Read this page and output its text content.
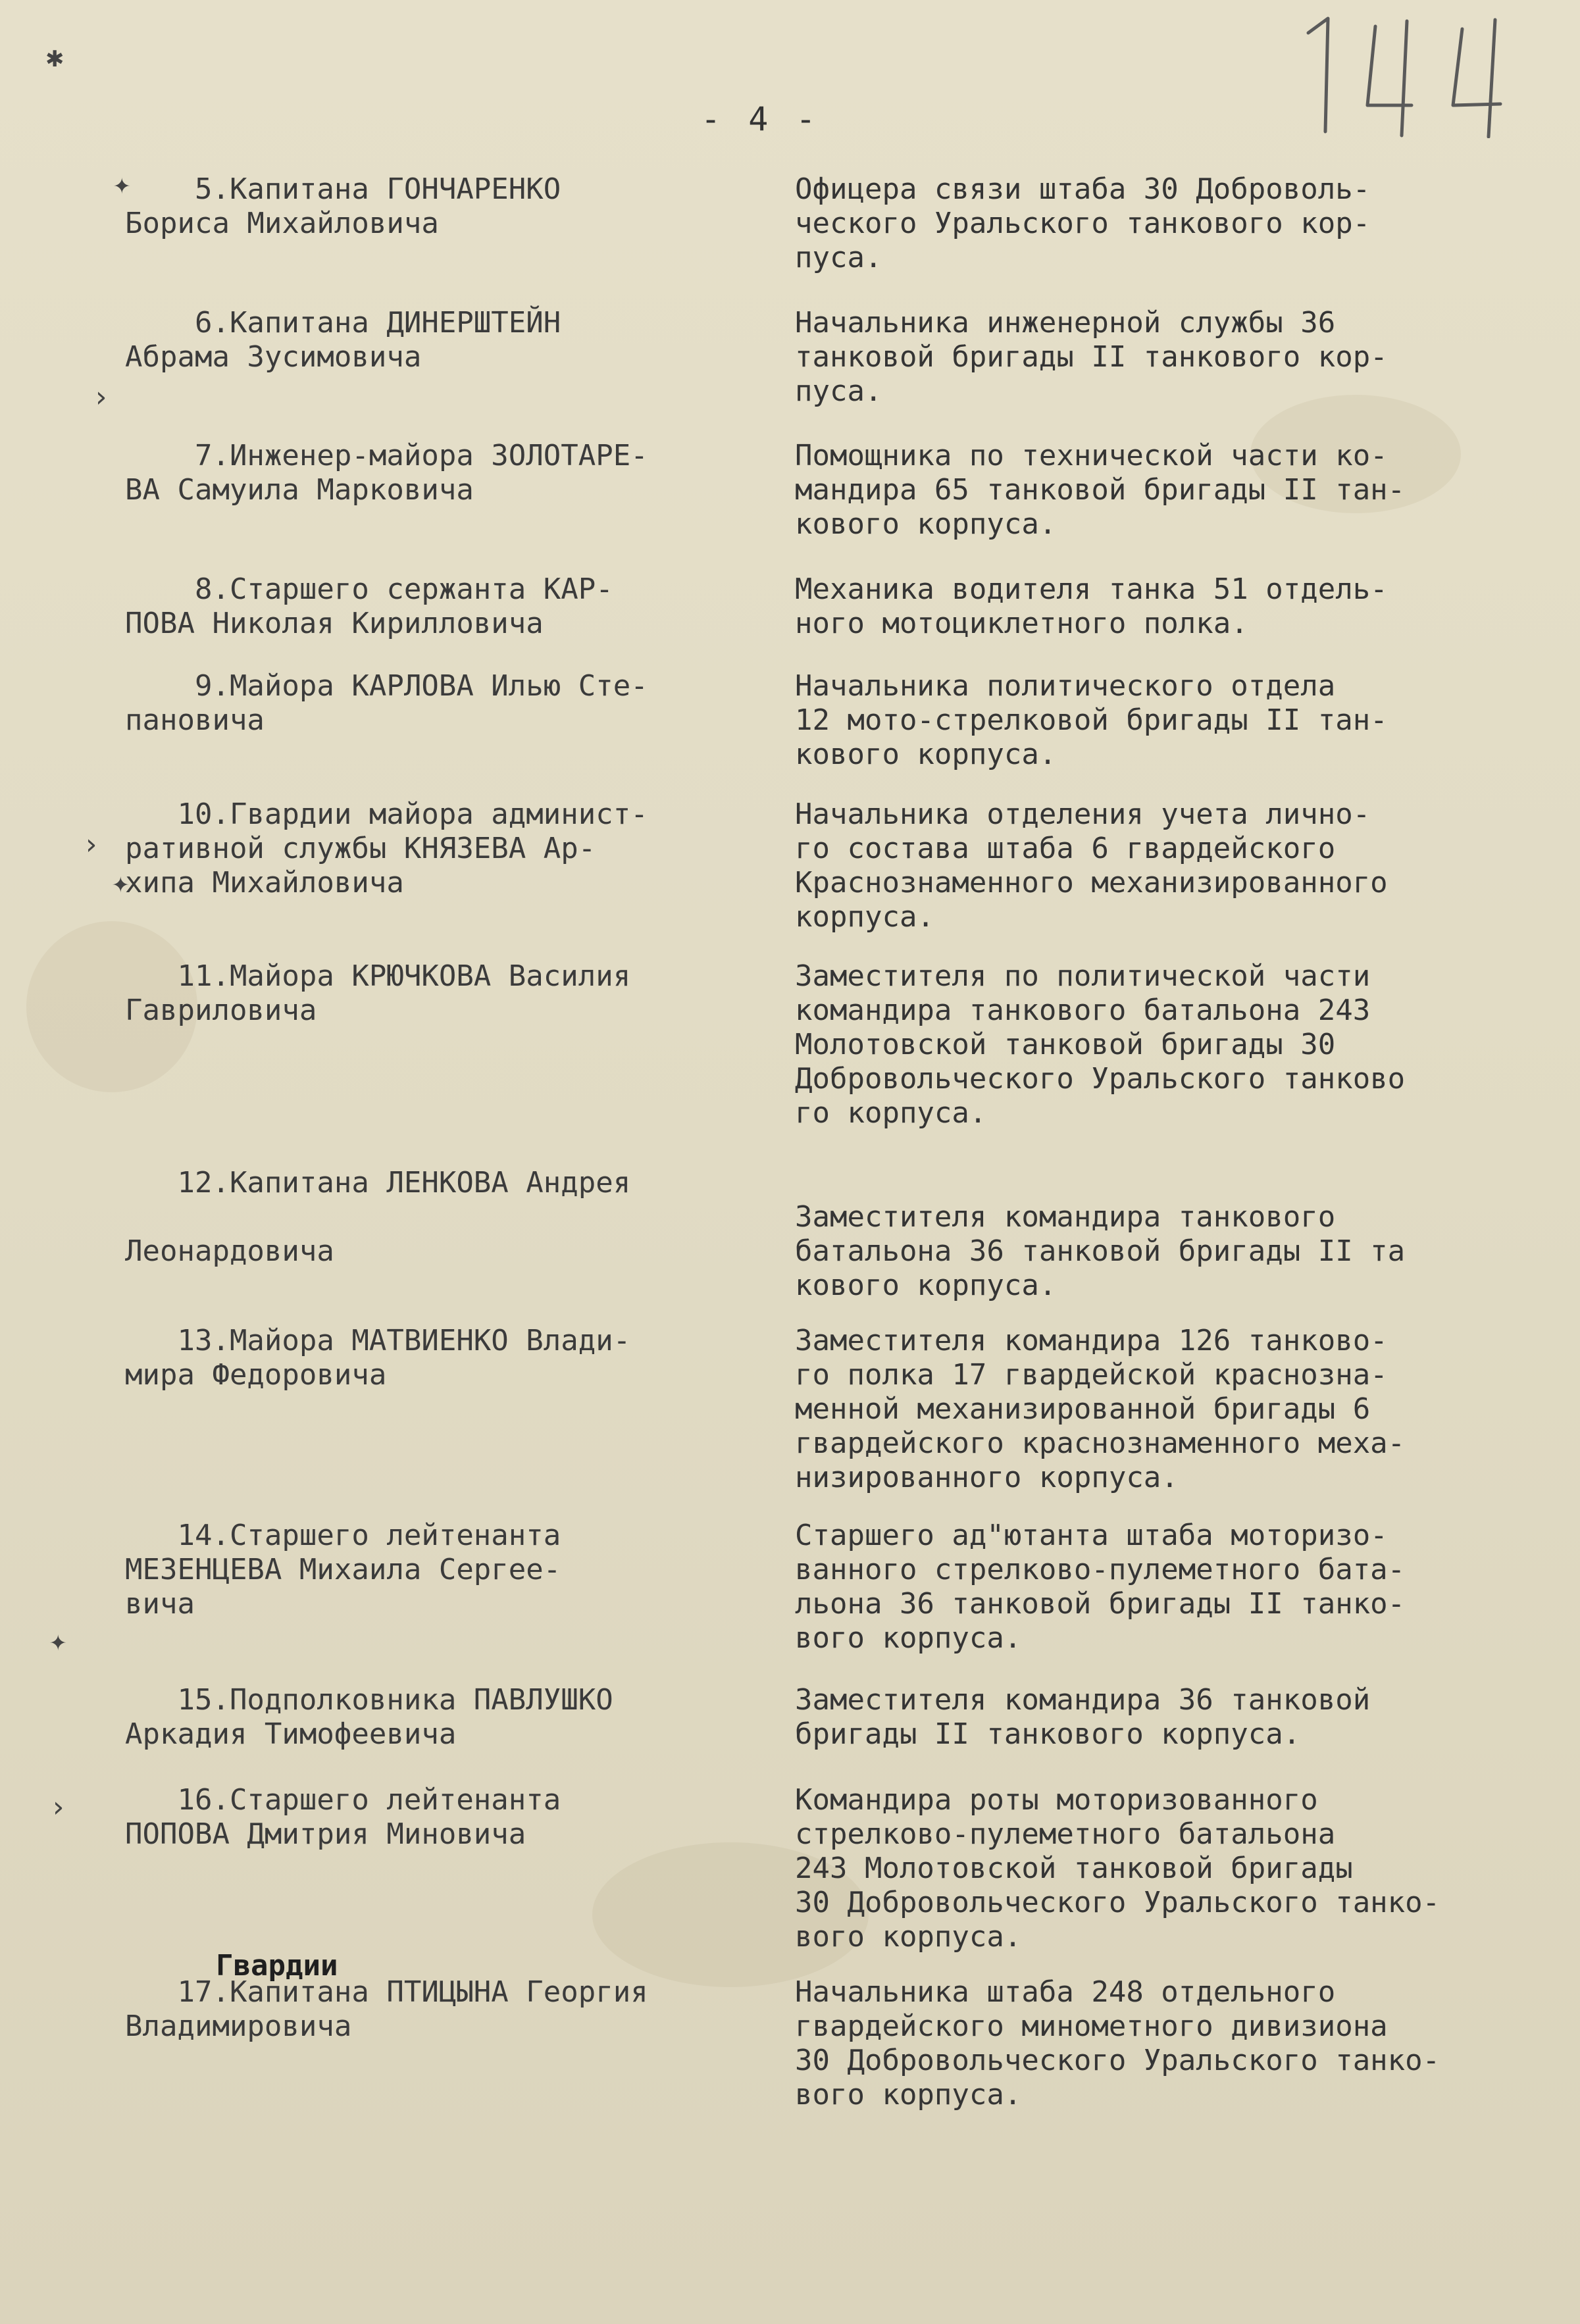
- 4 -
✱
✦
›
›
✦
✦
›
5.Капитана ГОНЧАРЕНКО
Бориса Михайловича
Офицера связи штаба 30 Доброволь-
ческого Уральского танкового кор-
пуса.
6.Капитана ДИНЕРШТЕЙН
Абрама Зусимовича
Начальника инженерной службы 36
танковой бригады II танкового кор-
пуса.
7.Инженер-майора ЗОЛОТАРЕ-
ВА Самуила Марковича
Помощника по технической части ко-
мандира 65 танковой бригады II тан-
кового корпуса.
8.Старшего сержанта КАР-
ПОВА Николая Кирилловича
Механика водителя танка 51 отдель-
ного мотоциклетного полка.
9.Майора КАРЛОВА Илью Сте-
пановича
Начальника политического отдела
12 мото-стрелковой бригады II тан-
кового корпуса.
10.Гвардии майора админист-
ративной службы КНЯЗЕВА Ар-
хипа Михайловича
Начальника отделения учета лично-
го состава штаба 6 гвардейского
Краснознаменного механизированного
корпуса.
11.Майора КРЮЧКОВА Василия
Гавриловича
Заместителя по политической части
командира танкового батальона 243
Молотовской танковой бригады 30
Добровольческого Уральского танково
го корпуса.
12.Капитана ЛЕНКОВА Андрея

Леонардовича

Заместителя командира танкового
батальона 36 танковой бригады II та
кового корпуса.
13.Майора МАТВИЕНКО Влади-
мира Федоровича
Заместителя командира 126 танково-
го полка 17 гвардейской краснозна-
менной механизированной бригады 6
гвардейского краснознаменного меха-
низированного корпуса.
14.Старшего лейтенанта
МЕЗЕНЦЕВА Михаила Сергеe-
вича
Старшего ад"ютанта штаба моторизо-
ванного стрелково-пулеметного бата-
льона 36 танковой бригады II танко-
вого корпуса.
15.Подполковника ПАВЛУШКО
Аркадия Тимофеевича
Заместителя командира 36 танковой
бригады II танкового корпуса.
16.Старшего лейтенанта
ПОПОВА Дмитрия Миновича
Командира роты моторизованного
стрелково-пулеметного батальона
243 Молотовской танковой бригады
30 Добровольческого Уральского танко-
вого корпуса.
17.Капитана ПТИЦЫНА Георгия
Владимировича
Начальника штаба 248 отдельного
гвардейского минометного дивизиона
30 Добровольческого Уральского танко-
вого корпуса.
Гвардии
